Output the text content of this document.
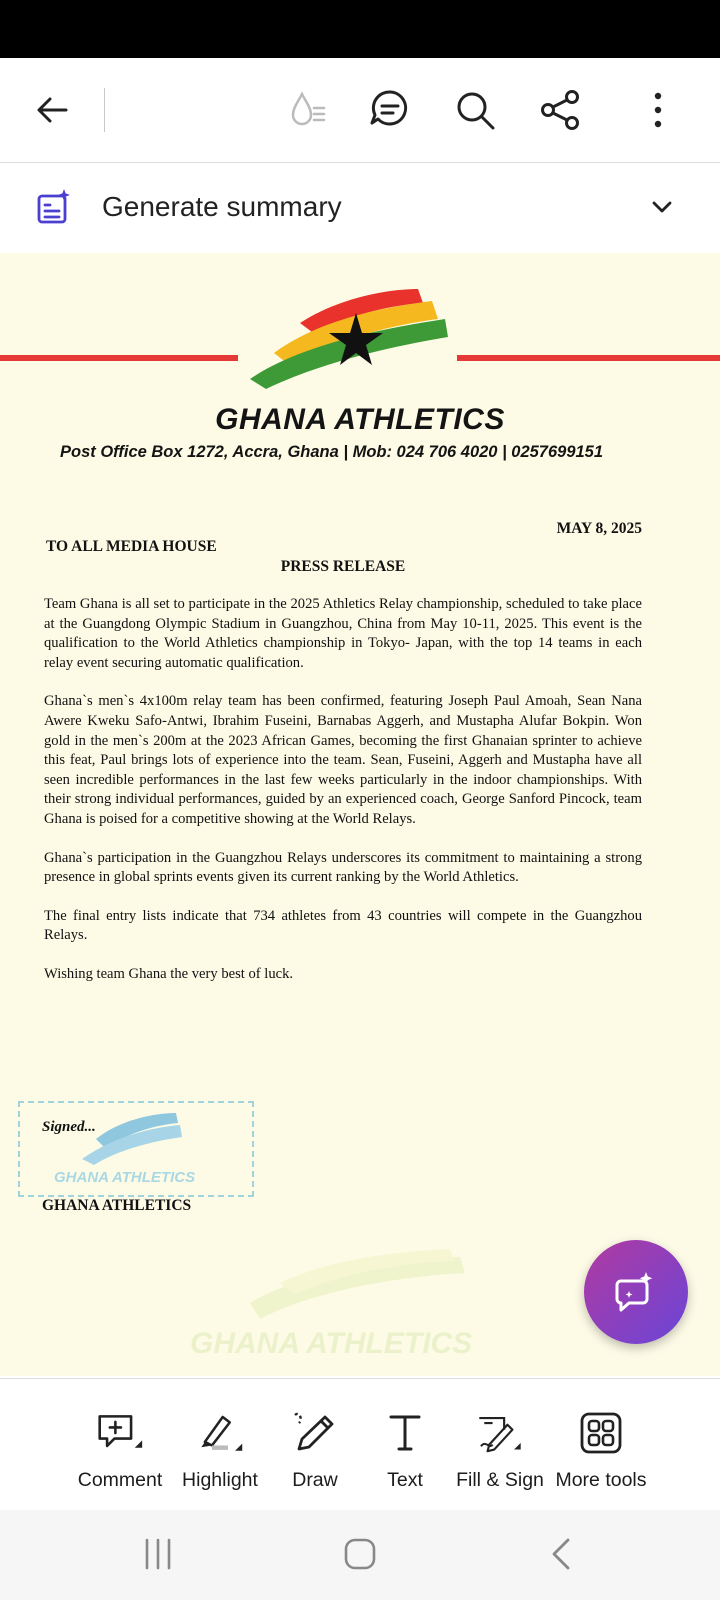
Generate summary
GHANA ATHLETICS
Post Office Box 1272, Accra, Ghana | Mob: 024 706 4020 | 0257699151
MAY 8, 2025
TO ALL MEDIA HOUSE
PRESS RELEASE

Team Ghana is all set to participate in the 2025 Athletics Relay championship, scheduled to take place at the Guangdong Olympic Stadium in Guangzhou, China from May 10-11, 2025. This event is the qualification to the World Athletics championship in Tokyo- Japan, with the top 14 teams in each relay event securing automatic qualification.

Ghana`s men`s 4x100m relay team has been confirmed, featuring Joseph Paul Amoah, Sean Nana Awere Kweku Safo-Antwi, Ibrahim Fuseini, Barnabas Aggerh, and Mustapha Alufar Bokpin. Won gold in the men`s 200m at the 2023 African Games, becoming the first Ghanaian sprinter to achieve this feat, Paul brings lots of experience into the team. Sean, Fuseini, Aggerh and Mustapha have all seen incredible performances in the last few weeks particularly in the indoor championships. With their strong individual performances, guided by an experienced coach, George Sanford Pincock, team Ghana is poised for a competitive showing at the World Relays.

Ghana`s participation in the Guangzhou Relays underscores its commitment to maintaining a strong presence in global sprints events given its current ranking by the World Athletics.

The final entry lists indicate that 734 athletes from 43 countries will compete in the Guangzhou Relays.

Wishing team Ghana the very best of luck.

GHANA ATHLETICS
Signed...
GHANA ATHLETICS
GHANA ATHLETICS
Comment Highlight Draw	Text Fill & Sign More tools
